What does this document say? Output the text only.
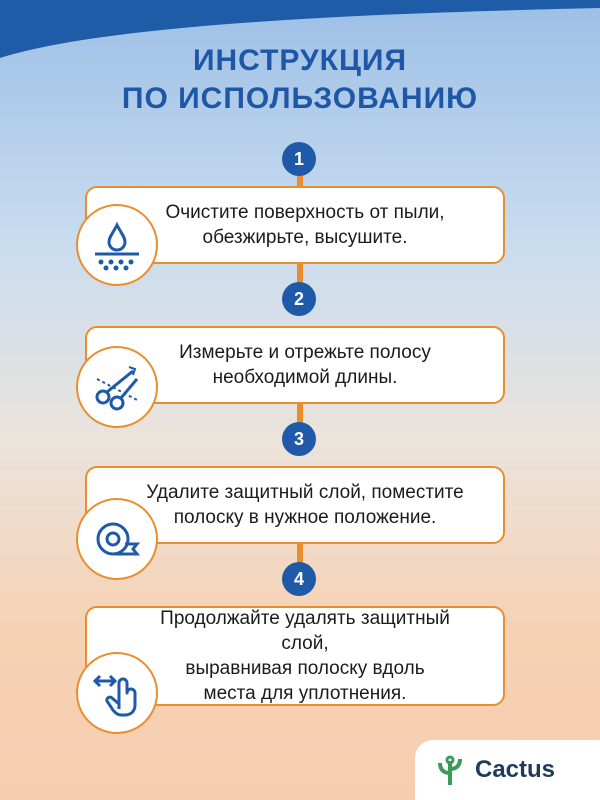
ИНСТРУКЦИЯ
ПО ИСПОЛЬЗОВАНИЮ
1
Очистите поверхность от пыли,
обезжирьте, высушите.
2
Измерьте и отрежьте полосу
необходимой длины.
3
Удалите защитный слой, поместите
полоску в нужное положение.
4
Продолжайте удалять защитный слой,
выравнивая полоску вдоль
места для уплотнения.
Cactus
